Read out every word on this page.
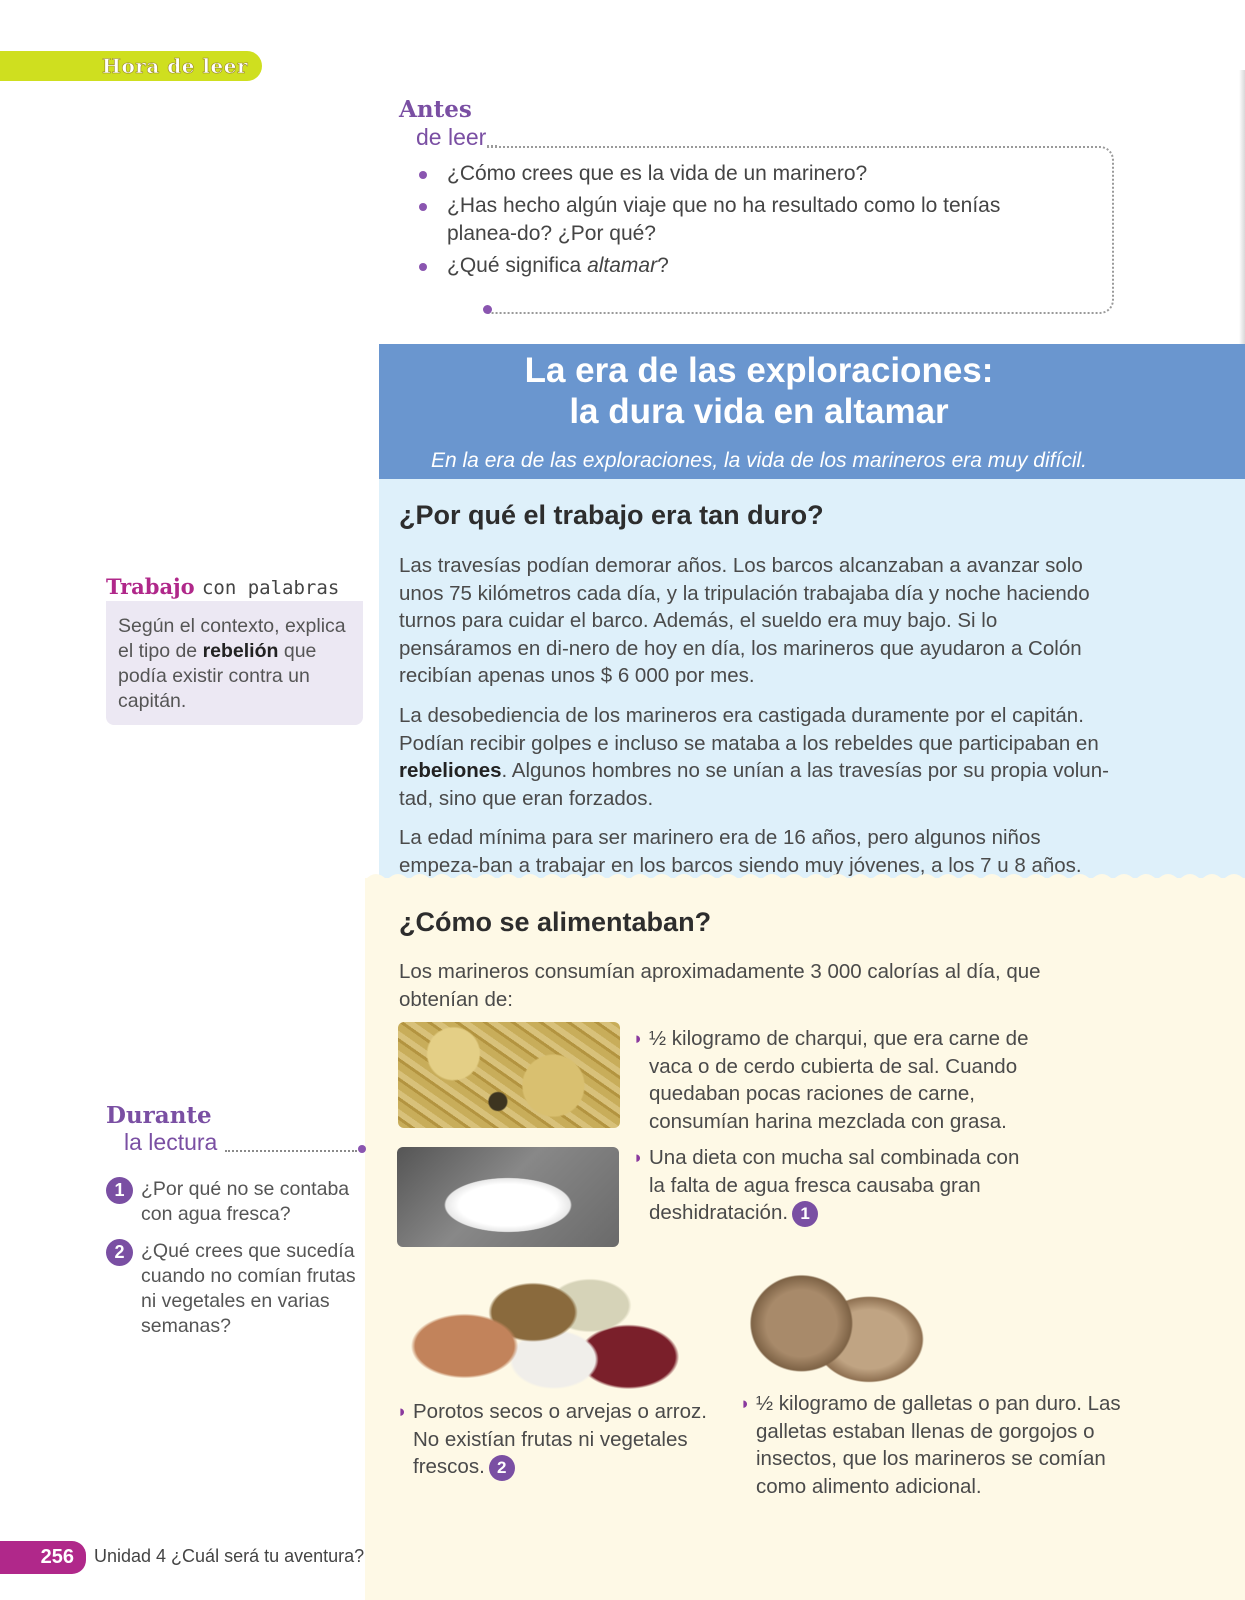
Hora de leer
Antes
de leer
¿Cómo crees que es la vida de un marinero?
¿Has hecho algún viaje que no ha resultado como lo tenías planea-do? ¿Por qué?
¿Qué significa altamar?
La era de las exploraciones:
la dura vida en altamar
En la era de las exploraciones, la vida de los marineros era muy difícil.
¿Por qué el trabajo era tan duro?
Las travesías podían demorar años. Los barcos alcanzaban a avanzar solo unos 75 kilómetros cada día, y la tripulación trabajaba día y noche haciendo turnos para cuidar el barco. Además, el sueldo era muy bajo. Si lo pensáramos en di-nero de hoy en día, los marineros que ayudaron a Colón recibían apenas unos $ 6 000 por mes.
La desobediencia de los marineros era castigada duramente por el capitán. Podían recibir golpes e incluso se mataba a los rebeldes que participaban en rebeliones. Algunos hombres no se unían a las travesías por su propia volun-tad, sino que eran forzados.
La edad mínima para ser marinero era de 16 años, pero algunos niños empeza-ban a trabajar en los barcos siendo muy jóvenes, a los 7 u 8 años.
¿Cómo se alimentaban?
Los marineros consumían aproximadamente 3 000 calorías al día, que obtenían de:
◗ ½ kilogramo de charqui, que era carne de vaca o de cerdo cubierta de sal. Cuando quedaban pocas raciones de carne, consumían harina mezclada con grasa.
◗ Una dieta con mucha sal combinada con la falta de agua fresca causaba gran deshidratación. 1
◗ Porotos secos o arvejas o arroz. No existían frutas ni vegetales frescos. 2
◗ ½ kilogramo de galletas o pan duro. Las galletas estaban llenas de gorgojos o insectos, que los marineros se comían como alimento adicional.
Trabajo con palabras
Según el contexto, explica el tipo de rebelión que podía existir contra un capitán.
Durante
la lectura
1 ¿Por qué no se contaba con agua fresca?
2 ¿Qué crees que sucedía cuando no comían frutas ni vegetales en varias semanas?
256	Unidad 4 ¿Cuál será tu aventura?
